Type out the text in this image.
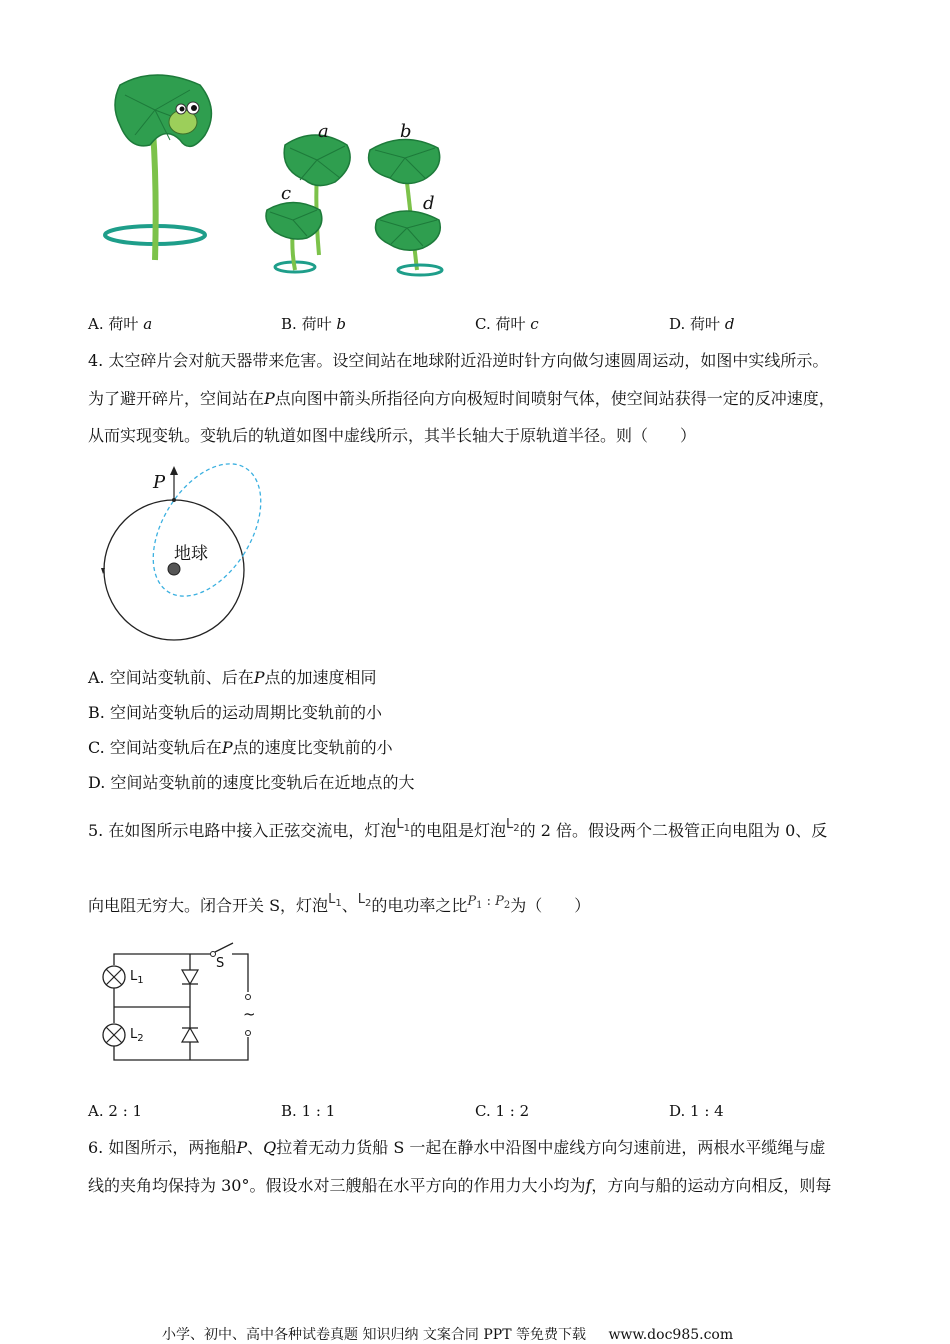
a	b
c	d
A. 荷叶 a	B. 荷叶 b	C. 荷叶 c	D. 荷叶 d
4. 太空碎片会对航天器带来危害。设空间站在地球附近沿逆时针方向做匀速圆周运动，如图中实线所示。
为了避开碎片，空间站在P点向图中箭头所指径向方向极短时间喷射气体，使空间站获得一定的反冲速度，
从而实现变轨。变轨后的轨道如图中虚线所示，其半长轴大于原轨道半径。则（　　）
P
地球
A. 空间站变轨前、后在P点的加速度相同
B. 空间站变轨后的运动周期比变轨前的小
C. 空间站变轨后在P点的速度比变轨前的小
D. 空间站变轨前的速度比变轨后在近地点的大
5. 在如图所示电路中接入正弦交流电，灯泡$^{L_1}$的电阻是灯泡$^{L_2}$的 2 倍。假设两个二极管正向电阻为 0、反
向电阻无穷大。闭合开关 S，灯泡$^{L_1}$、$^{L_2}$的电功率之比$^{P_1 : P_2}$为（　　）
S
$L_1$
$L_2$
~
A. 2 : 1	B. 1 : 1	C. 1 : 2	D. 1 : 4
6. 如图所示，两拖船P、Q拉着无动力货船 S 一起在静水中沿图中虚线方向匀速前进，两根水平缆绳与虚
线的夹角均保持为 30°。假设水对三艘船在水平方向的作用力大小均为f，方向与船的运动方向相反，则每
小学、初中、高中各种试卷真题 知识归纳 文案合同 PPT 等免费下载 www.doc985.com
